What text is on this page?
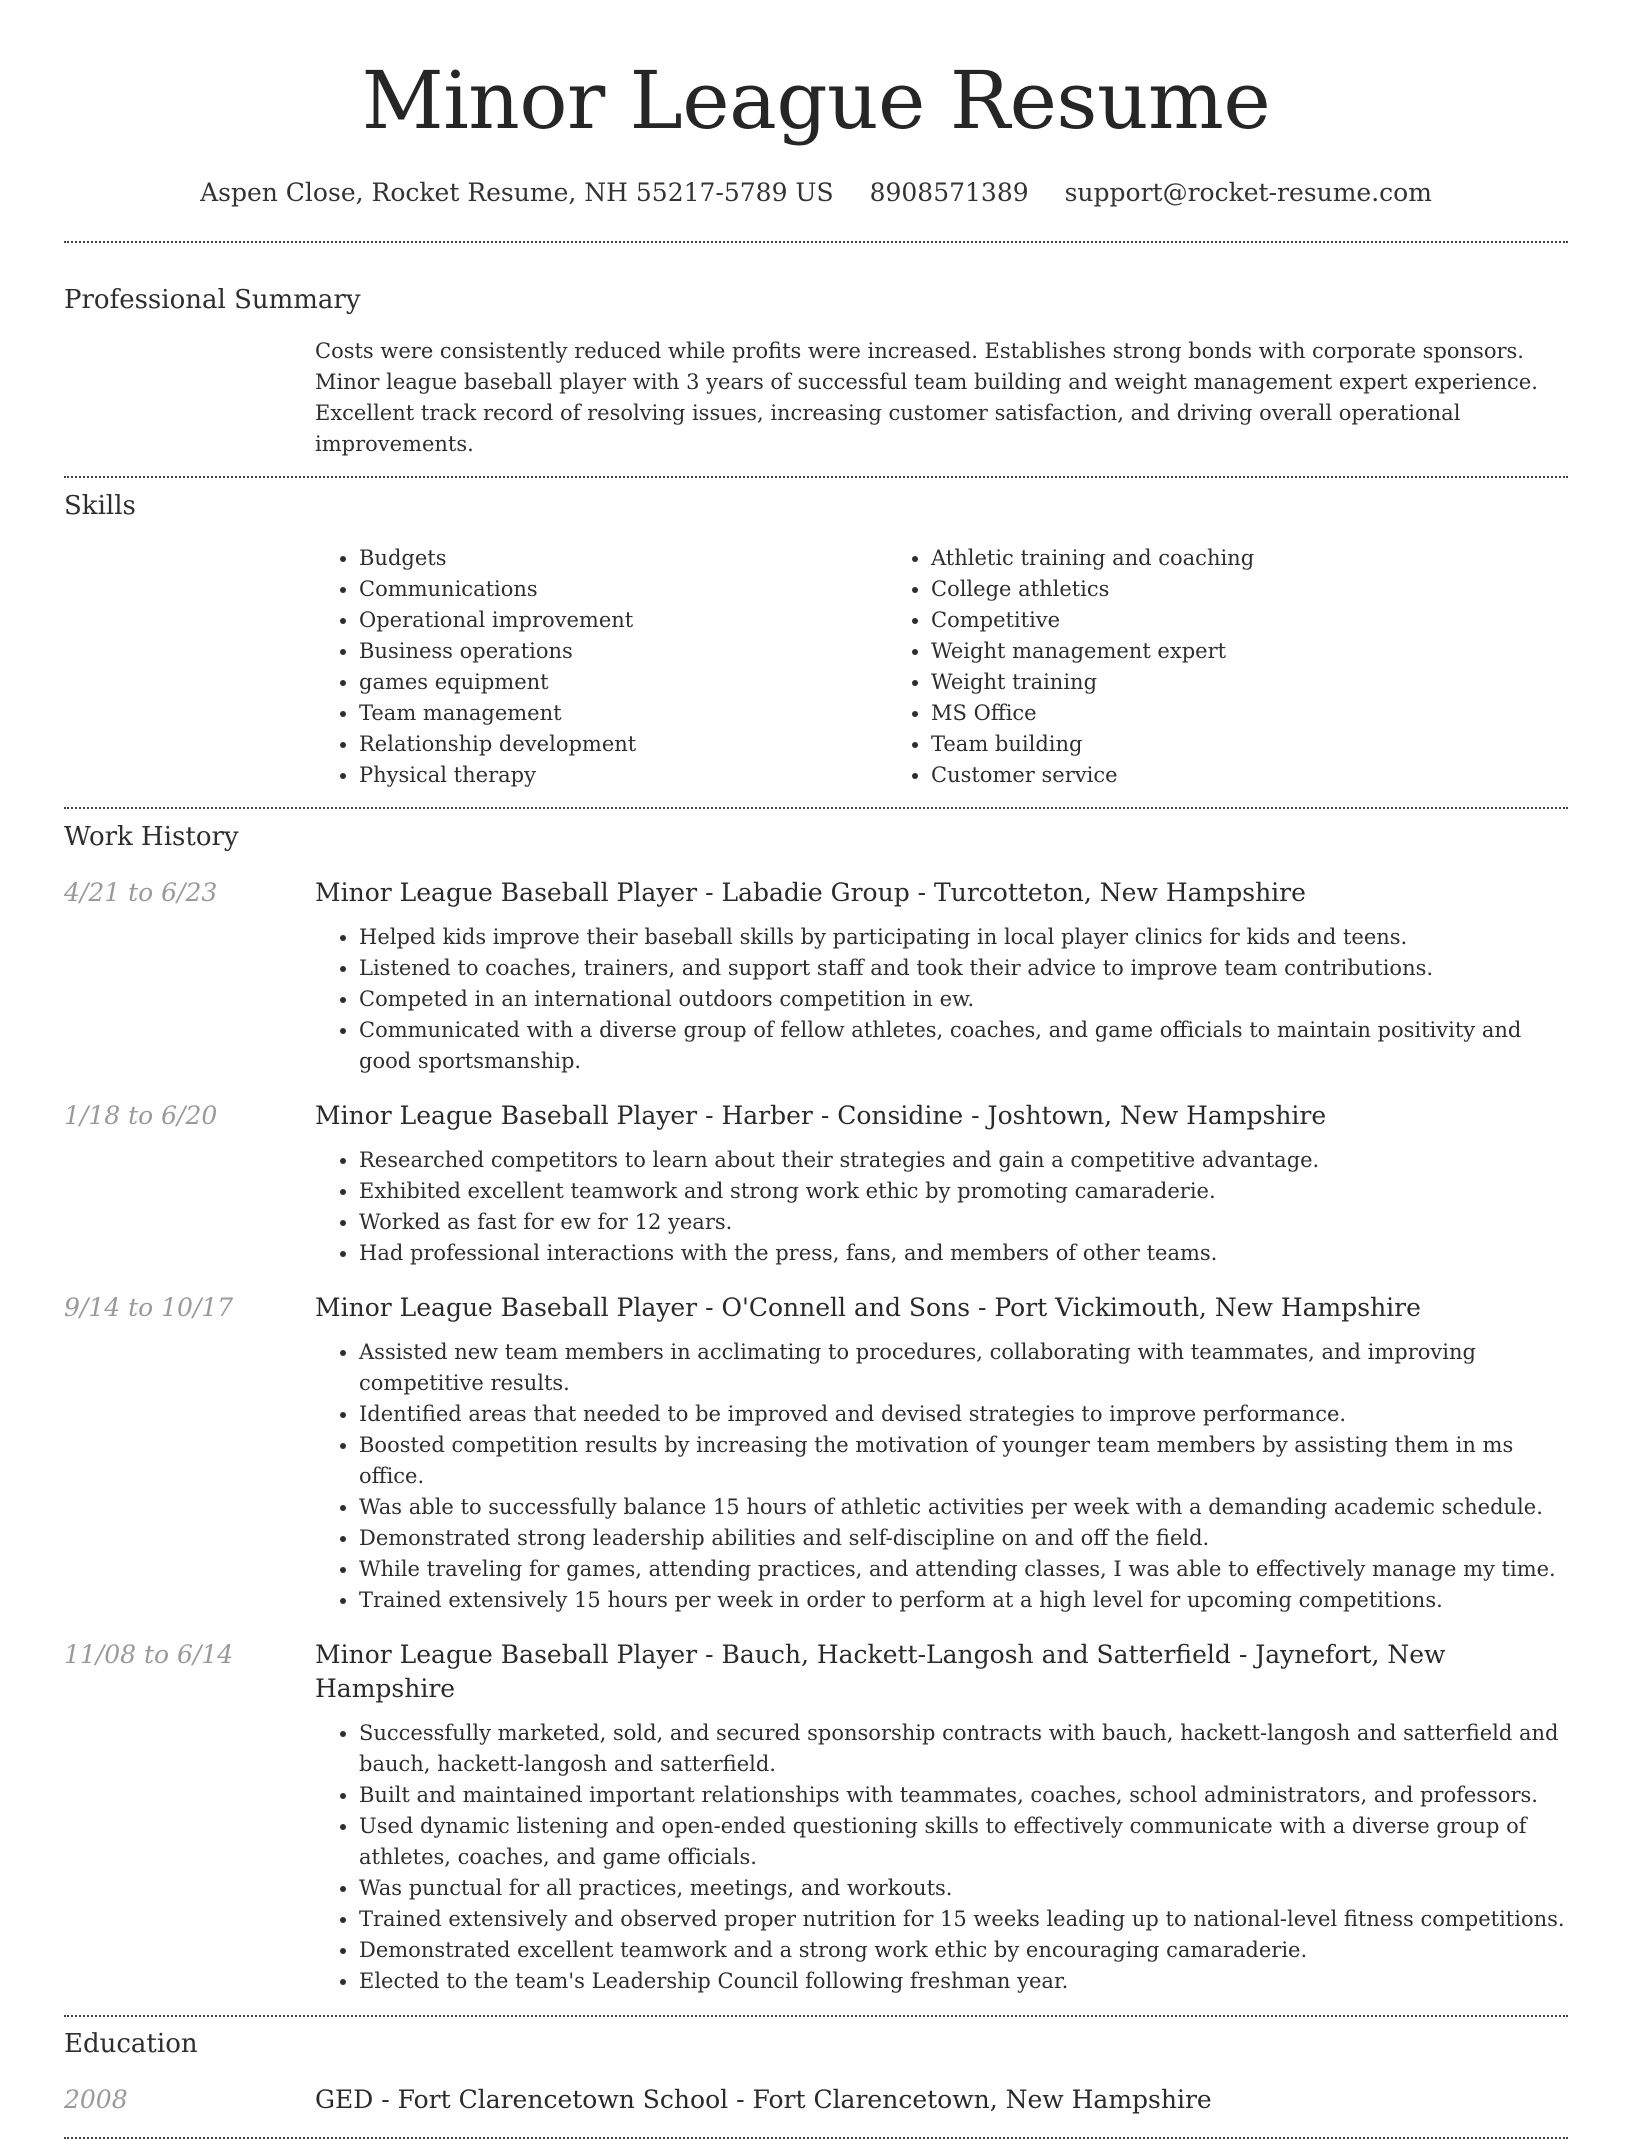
Minor League Resume
Aspen Close, Rocket Resume, NH 55217-5789 US 8908571389 support@rocket-resume.com
Professional Summary

Costs were consistently reduced while profits were increased. Establishes strong bonds with corporate sponsors. Minor league baseball player with 3 years of successful team building and weight management expert experience. Excellent track record of resolving issues, increasing customer satisfaction, and driving overall operational improvements.

Skills
• Budgets
• Communications
• Operational improvement
• Business operations
• games equipment
• Team management
• Relationship development
• Physical therapy
• Athletic training and coaching
• College athletics
• Competitive
• Weight management expert
• Weight training
• MS Office
• Team building
• Customer service
Work History
4/21 to 6/23	Minor League Baseball Player - Labadie Group - Turcotteton, New Hampshire
• Helped kids improve their baseball skills by participating in local player clinics for kids and teens.
• Listened to coaches, trainers, and support staff and took their advice to improve team contributions.
• Competed in an international outdoors competition in ew.
• Communicated with a diverse group of fellow athletes, coaches, and game officials to maintain positivity and good sportsmanship.
1/18 to 6/20	Minor League Baseball Player - Harber - Considine - Joshtown, New Hampshire
• Researched competitors to learn about their strategies and gain a competitive advantage.
• Exhibited excellent teamwork and strong work ethic by promoting camaraderie.
• Worked as fast for ew for 12 years.
• Had professional interactions with the press, fans, and members of other teams.
9/14 to 10/17	Minor League Baseball Player - O'Connell and Sons - Port Vickimouth, New Hampshire
• Assisted new team members in acclimating to procedures, collaborating with teammates, and improving competitive results.
• Identified areas that needed to be improved and devised strategies to improve performance.
• Boosted competition results by increasing the motivation of younger team members by assisting them in ms office.
• Was able to successfully balance 15 hours of athletic activities per week with a demanding academic schedule.
• Demonstrated strong leadership abilities and self-discipline on and off the field.
• While traveling for games, attending practices, and attending classes, I was able to effectively manage my time.
• Trained extensively 15 hours per week in order to perform at a high level for upcoming competitions.
11/08 to 6/14	Minor League Baseball Player - Bauch, Hackett-Langosh and Satterfield - Jaynefort, New Hampshire
• Successfully marketed, sold, and secured sponsorship contracts with bauch, hackett-langosh and satterfield and bauch, hackett-langosh and satterfield.
• Built and maintained important relationships with teammates, coaches, school administrators, and professors.
• Used dynamic listening and open-ended questioning skills to effectively communicate with a diverse group of athletes, coaches, and game officials.
• Was punctual for all practices, meetings, and workouts.
• Trained extensively and observed proper nutrition for 15 weeks leading up to national-level fitness competitions.
• Demonstrated excellent teamwork and a strong work ethic by encouraging camaraderie.
• Elected to the team's Leadership Council following freshman year.
Education
2008	GED - Fort Clarencetown School - Fort Clarencetown, New Hampshire
